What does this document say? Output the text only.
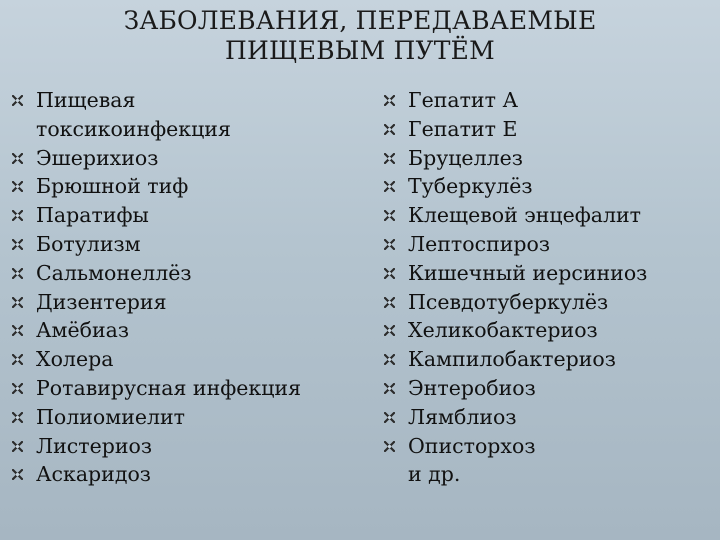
ЗАБОЛЕВАНИЯ, ПЕРЕДАВАЕМЫЕ
ПИЩЕВЫМ ПУТЁМ
Пищевая
токсикоинфекция
Эшерихиоз
Брюшной тиф
Паратифы
Ботулизм
Сальмонеллёз
Дизентерия
Амёбиаз
Холера
Ротавирусная инфекция
Полиомиелит
Листериоз
Аскаридоз
Гепатит А
Гепатит Е
Бруцеллез
Туберкулёз
Клещевой энцефалит
Лептоспироз
Кишечный иерсиниоз
Псевдотуберкулёз
Хеликобактериоз
Кампилобактериоз
Энтеробиоз
Лямблиоз
Описторхоз
и др.
